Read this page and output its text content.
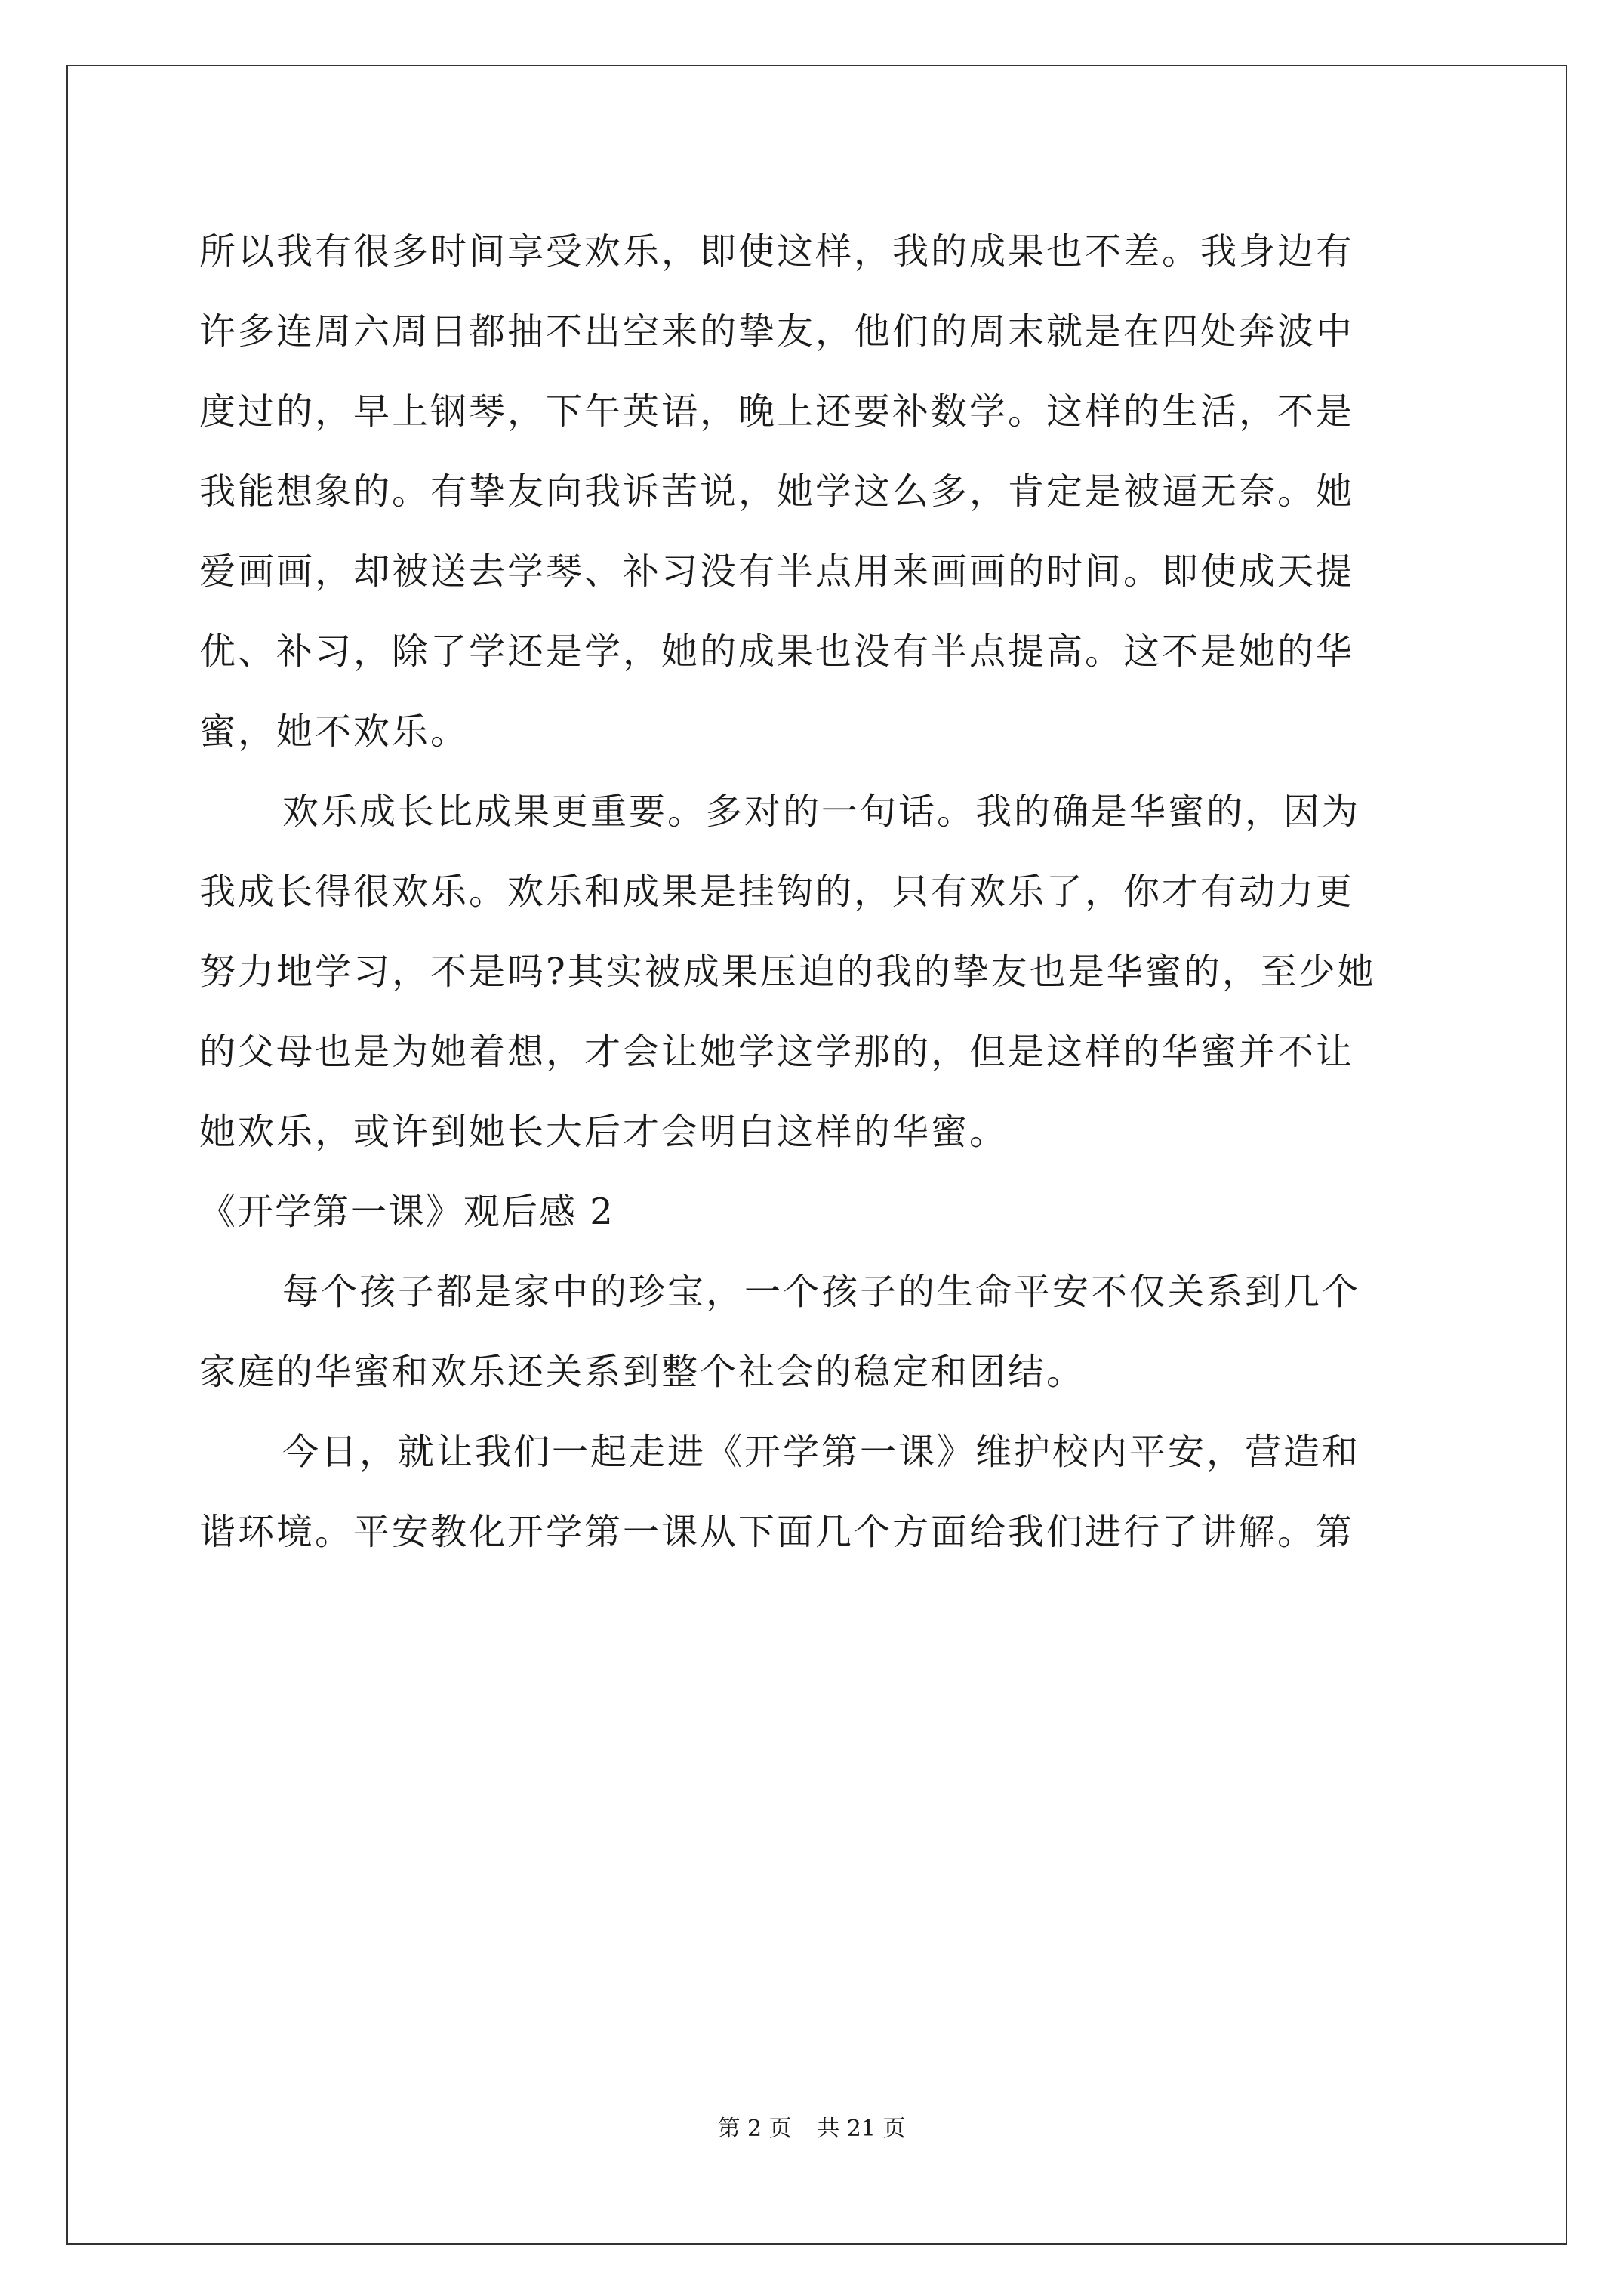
所以我有很多时间享受欢乐，即使这样，我的成果也不差。我身边有
许多连周六周日都抽不出空来的挚友，他们的周末就是在四处奔波中
度过的，早上钢琴，下午英语，晚上还要补数学。这样的生活，不是
我能想象的。有挚友向我诉苦说，她学这么多，肯定是被逼无奈。她
爱画画，却被送去学琴、补习没有半点用来画画的时间。即使成天提
优、补习，除了学还是学，她的成果也没有半点提高。这不是她的华
蜜，她不欢乐。
欢乐成长比成果更重要。多对的一句话。我的确是华蜜的，因为
我成长得很欢乐。欢乐和成果是挂钩的，只有欢乐了，你才有动力更
努力地学习，不是吗?其实被成果压迫的我的挚友也是华蜜的，至少她
的父母也是为她着想，才会让她学这学那的，但是这样的华蜜并不让
她欢乐，或许到她长大后才会明白这样的华蜜。
《开学第一课》观后感 2
每个孩子都是家中的珍宝，一个孩子的生命平安不仅关系到几个
家庭的华蜜和欢乐还关系到整个社会的稳定和团结。
今日，就让我们一起走进《开学第一课》维护校内平安，营造和
谐环境。平安教化开学第一课从下面几个方面给我们进行了讲解。第
第 2 页 共 21 页
